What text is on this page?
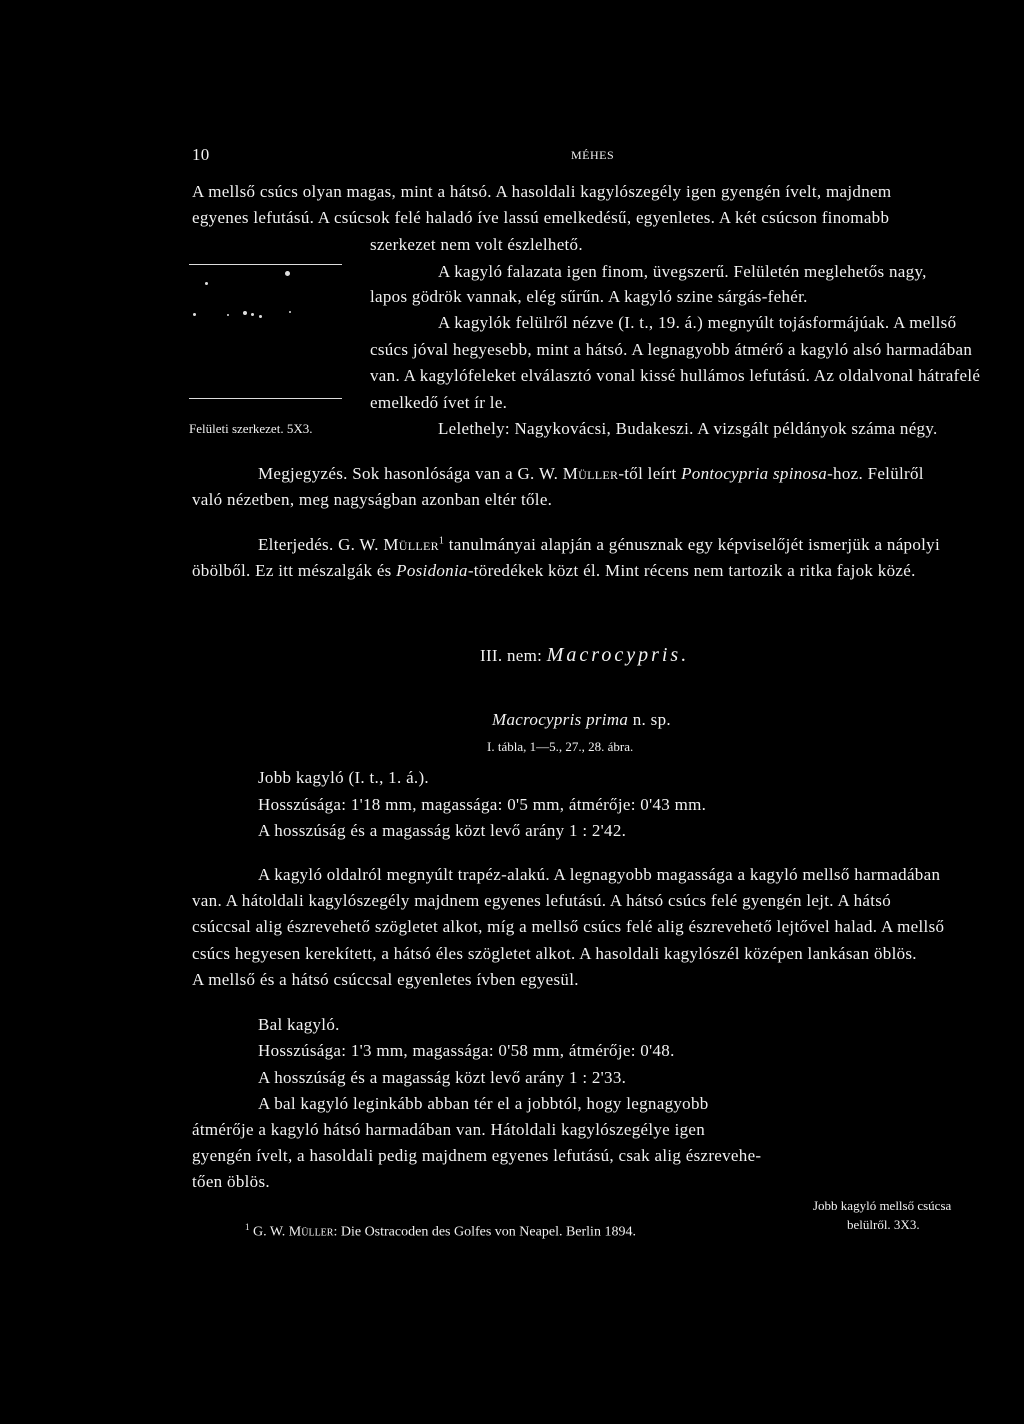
10	MÉHES
Felületi szerkezet. 5X3.
A mellső csúcs olyan magas, mint a hátsó. A hasoldali kagylószegély igen gyengén ívelt, majdnem
egyenes lefutású. A csúcsok felé haladó íve lassú emelkedésű, egyenletes. A két csúcson finomabb
szerkezet nem volt észlelhető.
A kagyló falazata igen finom, üvegszerű. Felületén meglehetős nagy,
lapos gödrök vannak, elég sűrűn. A kagyló szine sárgás-fehér.
A kagylók felülről nézve (I. t., 19. á.) megnyúlt tojásformájúak. A mellső
csúcs jóval hegyesebb, mint a hátsó. A legnagyobb átmérő a kagyló alsó harmadában
van. A kagylófeleket elválasztó vonal kissé hullámos lefutású. Az oldalvonal hátrafelé
emelkedő ívet ír le.
Lelethely: Nagykovácsi, Budakeszi. A vizsgált példányok száma négy.
Megjegyzés. Sok hasonlósága van a G. W. Müller-től leírt Pontocypria spinosa-hoz. Felülről
való nézetben, meg nagyságban azonban eltér tőle.
Elterjedés. G. W. Müller$^1$ tanulmányai alapján a génusznak egy képviselőjét ismerjük a nápolyi
öbölből. Ez itt mészalgák és Posidonia-töredékek közt él. Mint récens nem tartozik a ritka fajok közé.
III. nem: Macrocypris.
Macrocypris prima n. sp.
I. tábla, 1—5., 27., 28. ábra.
Jobb kagyló (I. t., 1. á.).
Hosszúsága: 1'18 mm, magassága: 0'5 mm, átmérője: 0'43 mm.
A hosszúság és a magasság közt levő arány 1 : 2'42.
A kagyló oldalról megnyúlt trapéz-alakú. A legnagyobb magassága a kagyló mellső harmadában
van. A hátoldali kagylószegély majdnem egyenes lefutású. A hátsó csúcs felé gyengén lejt. A hátsó
csúccsal alig észrevehető szögletet alkot, míg a mellső csúcs felé alig észrevehető lejtővel halad. A mellső
csúcs hegyesen kerekített, a hátsó éles szögletet alkot. A hasoldali kagylószél középen lankásan öblös.
A mellső és a hátsó csúccsal egyenletes ívben egyesül.
Bal kagyló.
Hosszúsága: 1'3 mm, magassága: 0'58 mm, átmérője: 0'48.
A hosszúság és a magasság közt levő arány 1 : 2'33.
A bal kagyló leginkább abban tér el a jobbtól, hogy legnagyobb
átmérője a kagyló hátsó harmadában van. Hátoldali kagylószegélye igen
gyengén ívelt, a hasoldali pedig majdnem egyenes lefutású, csak alig észrevehe-
tően öblös.
Jobb kagyló mellső csúcsa
belülről. 3X3.
$^1$ G. W. Müller: Die Ostracoden des Golfes von Neapel. Berlin 1894.
